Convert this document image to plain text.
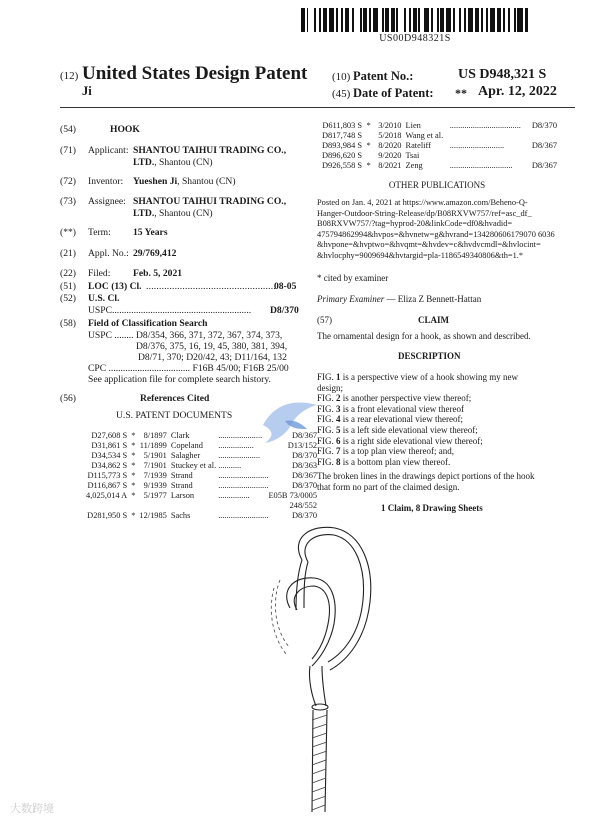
US00D948321S
(12) United States Design Patent
Ji
(10) Patent No.:	US D948,321 S
(45) Date of Patent: ** Apr. 12, 2022
(54)	HOOK
(71) Applicant: SHANTOU TAIHUI TRADING CO.,
LTD., Shantou (CN)
(72) Inventor: Yueshen Ji, Shantou (CN)
(73) Assignee: SHANTOU TAIHUI TRADING CO.,
LTD., Shantou (CN)
(**) Term: 15 Years
(21) Appl. No.: 29/769,412
(22) Filed: Feb. 5, 2021
(51) LOC (13) Cl. ..................................................
08-05
(52) U.S. Cl.
USPC .......................................................... D8/370
(58) Field of Classification Search
USPC ........ D8/354, 366, 371, 372, 367, 374, 373,
D8/376, 375, 16, 19, 45, 380, 381, 394,
D8/71, 370; D20/42, 43; D11/164, 132
CPC .................................. F16B 45/00; F16B 25/00
See application file for complete search history.
(56)	References Cited
U.S. PATENT DOCUMENTS
D27,608 S	*	8/1897	Clark	.....................	D8/367
D31,861 S	*	11/1899	Copeland	.................	D13/152
D34,534 S	*	5/1901	Salagher	....................	D8/370
D34,862 S	*	7/1901	Stuckey et al.	...........	D8/363
D115,773 S	*	7/1939	Strand	........................	D8/367
D116,867 S	*	9/1939	Strand	........................	D8/370
4,025,014 A	*	5/1977	Larson	...............	E05B 73/0005
					248/552
D281,950 S	*	12/1985	Sachs	........................	D8/370
D611,803 S	*	3/2010	Lien	..................................	D8/370
D817,748 S		5/2018	Wang et al.		
D893,984 S	*	8/2020	Rateliff	..........................	D8/367
D896,620 S		9/2020	Tsai		
D926,558 S	*	8/2021	Zeng	..............................	D8/367
OTHER PUBLICATIONS
Posted on Jan. 4, 2021 at https://www.amazon.com/Beheno-Q-
Hanger-Outdoor-String-Release/dp/B08RXVW757/ref=asc_df_
B08RXVW757/?tag=hyprod-20&linkCode=df0&hvadid=
475794862994&hvpos=&hvnetw=g&hvrand=134280606179070 6036
&hvpone=&hvptwo=&hvqmt=&hvdev=c&hvdvcmdl=&hvlocint=
&hvlocphy=9009694&hvtargid=pla-1186549340806&th=1.*
* cited by examiner
Primary Examiner — Eliza Z Bennett-Hattan
(57)	CLAIM
The ornamental design for a hook, as shown and described.
DESCRIPTION
FIG. 1 is a perspective view of a hook showing my new
design;
FIG. 2 is another perspective view thereof;
FIG. 3 is a front elevational view thereof
FIG. 4 is a rear elevational view thereof;
FIG. 5 is a left side elevational view thereof;
FIG. 6 is a right side elevational view thereof;
FIG. 7 is a top plan view thereof; and,
FIG. 8 is a bottom plan view thereof.
The broken lines in the drawings depict portions of the hook
that form no part of the claimed design.
1 Claim, 8 Drawing Sheets
大数跨境
